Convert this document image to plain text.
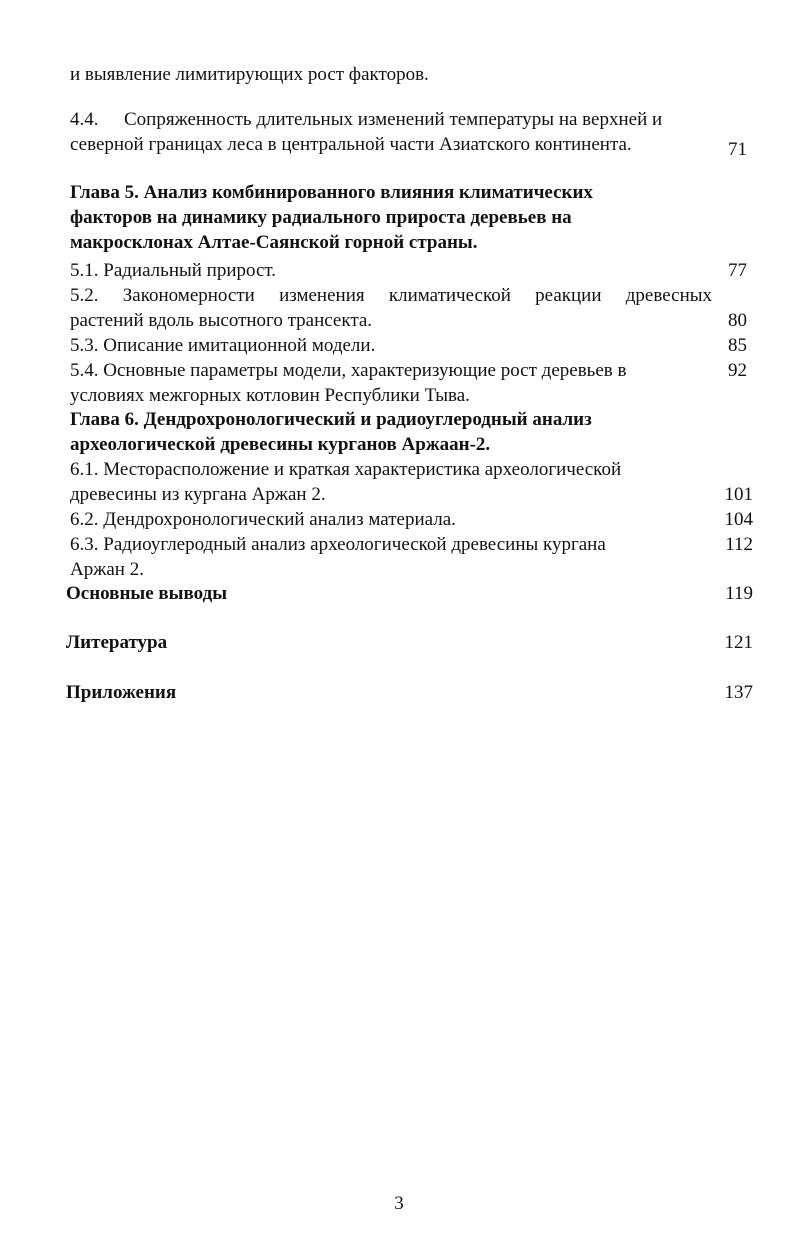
и выявление лимитирующих рост факторов.
4.4. Сопряженность длительных изменений температуры на верхней и
северной границах леса в центральной части Азиатского континента.	71
Глава 5. Анализ комбинированного влияния климатических
факторов на динамику радиального прироста деревьев на
макросклонах Алтае-Саянской горной страны.
5.1. Радиальный прирост.	77
5.2. Закономерности изменения климатической реакции древесных
растений вдоль высотного трансекта.	80
5.3. Описание имитационной модели.	85
5.4. Основные параметры модели, характеризующие рост деревьев в	92
условиях межгорных котловин Республики Тыва.
Глава 6. Дендрохронологический и радиоуглеродный анализ
археологической древесины курганов Аржаан-2.
6.1. Месторасположение и краткая характеристика археологической
древесины из кургана Аржан 2.	101
6.2. Дендрохронологический анализ материала.	104
6.3. Радиоуглеродный анализ археологической древесины кургана	112
Аржан 2.
Основные выводы	119
Литература	121
Приложения	137
3
